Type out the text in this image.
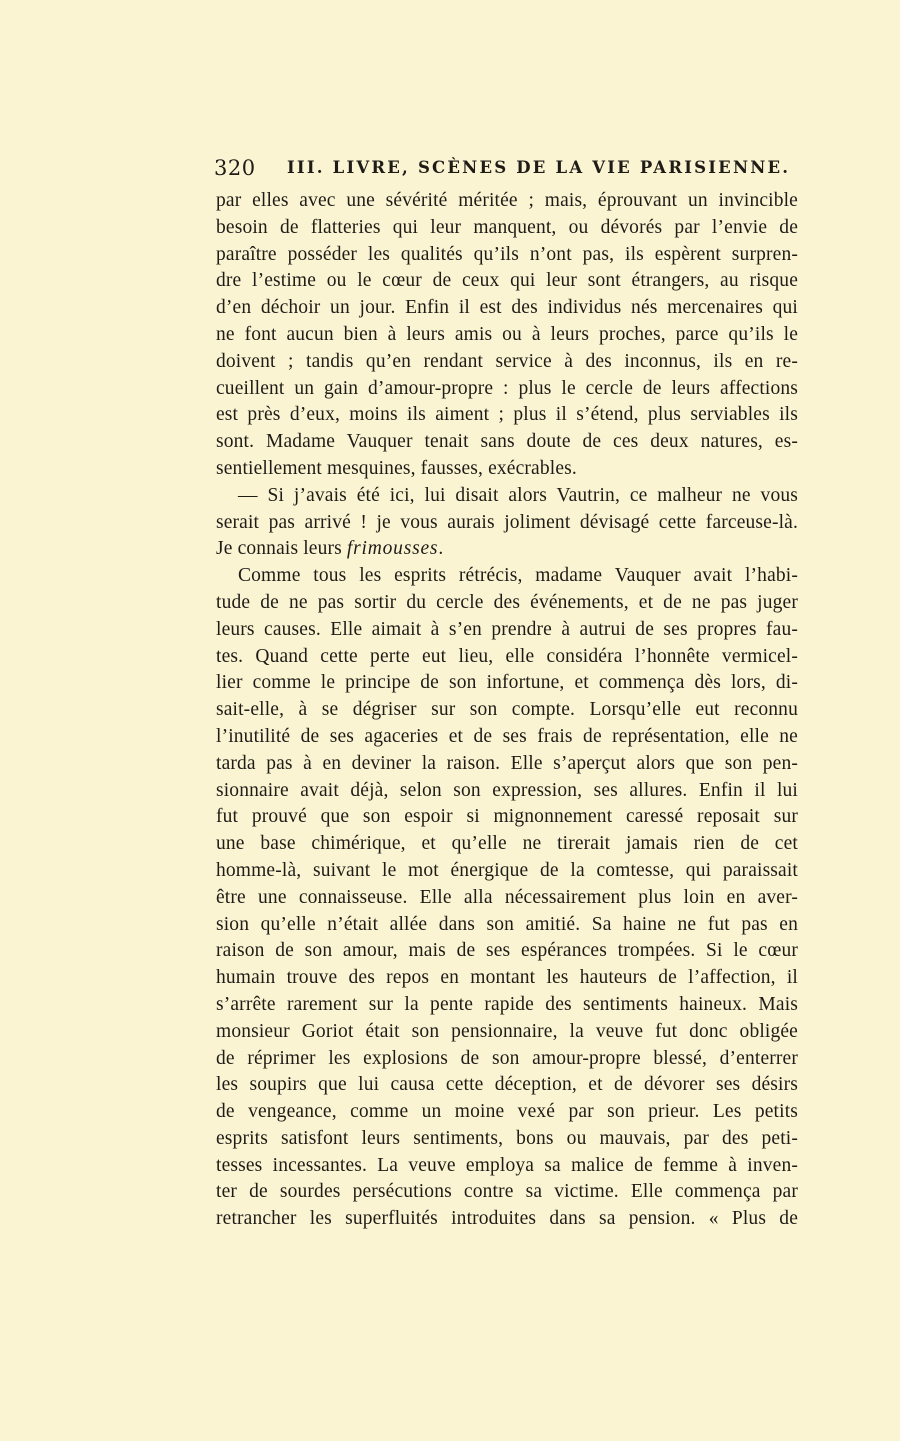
320 III. LIVRE, SCÈNES DE LA VIE PARISIENNE.
par elles avec une sévérité méritée ; mais, éprouvant un invincible
besoin de flatteries qui leur manquent, ou dévorés par l’envie de
paraître posséder les qualités qu’ils n’ont pas, ils espèrent surpren-
dre l’estime ou le cœur de ceux qui leur sont étrangers, au risque
d’en déchoir un jour. Enfin il est des individus nés mercenaires qui
ne font aucun bien à leurs amis ou à leurs proches, parce qu’ils le
doivent ; tandis qu’en rendant service à des inconnus, ils en re-
cueillent un gain d’amour-propre : plus le cercle de leurs affections
est près d’eux, moins ils aiment ; plus il s’étend, plus serviables ils
sont. Madame Vauquer tenait sans doute de ces deux natures, es-
sentiellement mesquines, fausses, exécrables.
— Si j’avais été ici, lui disait alors Vautrin, ce malheur ne vous
serait pas arrivé ! je vous aurais joliment dévisagé cette farceuse-là.
Je connais leurs frimousses.
Comme tous les esprits rétrécis, madame Vauquer avait l’habi-
tude de ne pas sortir du cercle des événements, et de ne pas juger
leurs causes. Elle aimait à s’en prendre à autrui de ses propres fau-
tes. Quand cette perte eut lieu, elle considéra l’honnête vermicel-
lier comme le principe de son infortune, et commença dès lors, di-
sait-elle, à se dégriser sur son compte. Lorsqu’elle eut reconnu
l’inutilité de ses agaceries et de ses frais de représentation, elle ne
tarda pas à en deviner la raison. Elle s’aperçut alors que son pen-
sionnaire avait déjà, selon son expression, ses allures. Enfin il lui
fut prouvé que son espoir si mignonnement caressé reposait sur
une base chimérique, et qu’elle ne tirerait jamais rien de cet
homme-là, suivant le mot énergique de la comtesse, qui paraissait
être une connaisseuse. Elle alla nécessairement plus loin en aver-
sion qu’elle n’était allée dans son amitié. Sa haine ne fut pas en
raison de son amour, mais de ses espérances trompées. Si le cœur
humain trouve des repos en montant les hauteurs de l’affection, il
s’arrête rarement sur la pente rapide des sentiments haineux. Mais
monsieur Goriot était son pensionnaire, la veuve fut donc obligée
de réprimer les explosions de son amour-propre blessé, d’enterrer
les soupirs que lui causa cette déception, et de dévorer ses désirs
de vengeance, comme un moine vexé par son prieur. Les petits
esprits satisfont leurs sentiments, bons ou mauvais, par des peti-
tesses incessantes. La veuve employa sa malice de femme à inven-
ter de sourdes persécutions contre sa victime. Elle commença par
retrancher les superfluités introduites dans sa pension. « Plus de
